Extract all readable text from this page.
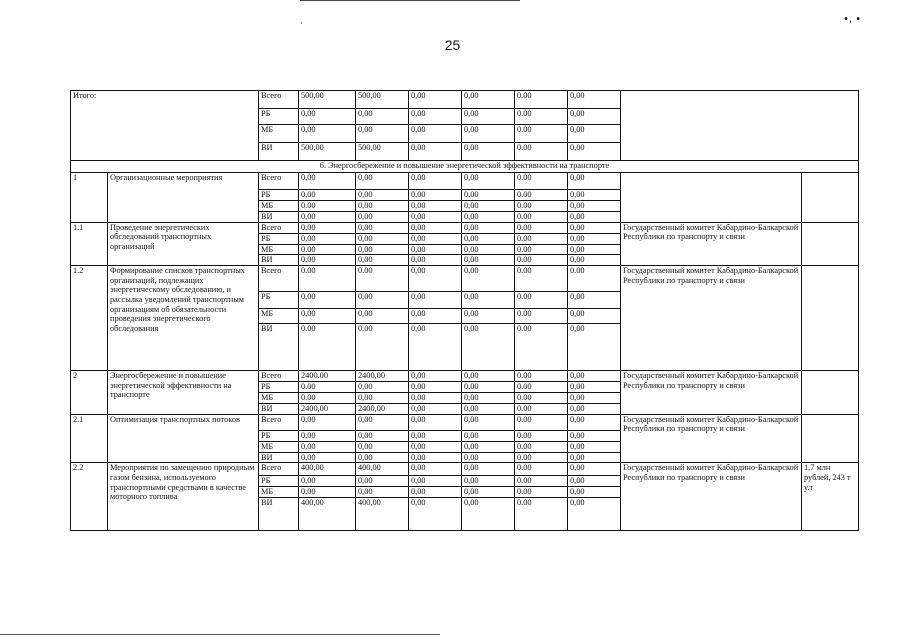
·	•, •
25
Итого:		Всего	500,00	500,00	0,00	0,00	0.00	0,00		
		РБ	0,00	0,00	0,00	0,00	0.00	0,00		
		МБ	0,00	0,00	0,00	0,00	0.00	0,00		
		ВИ	500,00	500,00	0,00	0,00	0.00	0,00		
6. Энергосбережение и повышение энергетической эффективности на транспорте										
1	Организационные мероприятия	Всего	0,00	0,00	0,00	0,00	0.00	0,00		
		РБ	0,00	0,00	0,00	0,00	0.00	0,00		
		МБ	0.00	0,00	0,00	0,00	0.00	0,00		
		ВИ	0,00	0,00	0,00	0,00	0.00	0,00		
1.1	Проведение энергетических обследований транспортных организаций	Всего	0,00	0,00	0,00	0,00	0.00	0,00	Государственный комитет Кабардино-Балкарской Республики по транспорту и связи	
		РБ	0,00	0,00	0,00	0,00	0.00	0,00		
		МБ	0.00	0,00	0,00	0,00	0.00	0,00		
		ВИ	0,00	0,00	0,00	0,00	0.00	0,00		
1.2	Формирование списков транспортных организаций, подлежащих энергетическому обследованию, и рассылка уведомлений транспортным организациям об обязательности проведения энергетического обследования	Всего	0.00	0.00	0,00	0.00	0.00	0.00	Государственный комитет Кабардино-Балкарской Республики по транспорту и связи	
		РБ	0,00	0,00	0,00	0,00	0.00	0,00		
		МБ	0,00	0,00	0,00	0,00	0.00	0,00		
		ВИ	0.00	0.00	0,00	0,00	0.00	0,00		
2	Энергосбережение и повышение энергетической эффективности на транспорте	Всего	2400.00	2400,00	0,00	0,00	0.00	0,00	Государственный комитет Кабардино-Балкарской Республики по транспорту и связи	
		РБ	0.00	0,00	0,00	0,00	0.00	0,00		
		МБ	0.00	0,00	0,00	0,00	0.00	0,00		
		ВИ	2400,00	2400,00	0,00	0,00	0.00	0,00		
2.1	Оптимизация транспортных потоков	Всего	0,00	0,00	0,00	0,00	0.00	0,00	Государственный комитет Кабардино-Балкарской Республики по транспорту и связи	
		РБ	0,00	0,00	0,00	0,00	0.00	0,00		
		МБ	0,00	0,00	0,00	0,00	0.00	0,00		
		ВИ	0,00	0,00	0,00	0,00	0.00	0,00		
2.2	Мероприятия по замещению природным газом бензина, используемого транспортными средствами в качестве моторного топлива	Всего	400,00	400,00	0,00	0,00	0.00	0,00	Государственный комитет Кабардино-Балкарской Республики по транспорту и связи	1,7 млн рублей, 243 т у.т
		РБ	0,00	0,00	0,00	0,00	0.00	0,00		
		МБ	0,00	0,00	0,00	0,00	0.00	0,00		
		ВИ	400,00	400,00	0,00	0,00	0.00	0,00		
